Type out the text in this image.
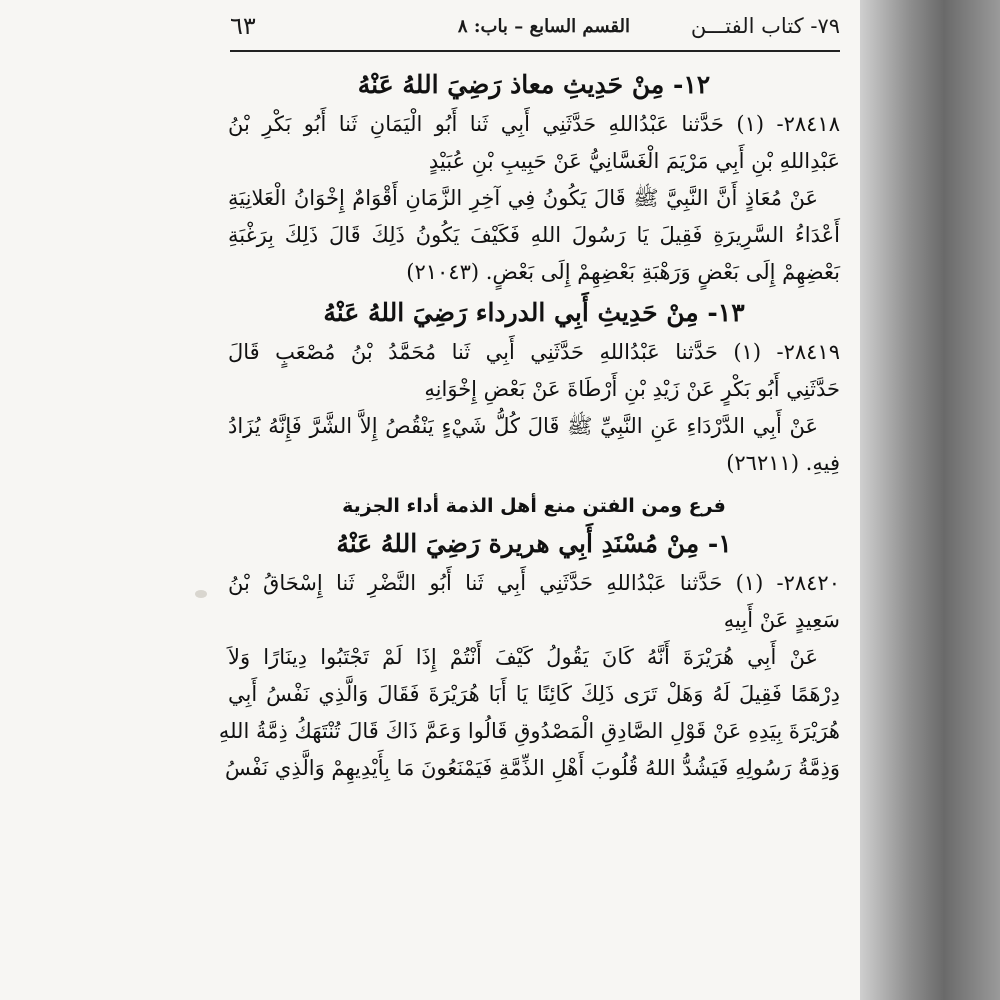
٧٩- كتاب الفتـــن
القسم السابع – باب: ٨
٦٣
١٢- مِنْ حَدِيثِ معاذ رَضِيَ اللهُ عَنْهُ
٢٨٤١٨- (١) حَدَّثنا عَبْدُاللهِ حَدَّثَنِي أَبِي ثَنا أَبُو الْيَمَانِ ثَنا أَبُو بَكْرِ بْنُ
عَبْدِاللهِ بْنِ أَبِي مَرْيَمَ الْغَسَّانِيُّ عَنْ حَبِيبِ بْنِ عُبَيْدٍ
عَنْ مُعَاذٍ أَنَّ النَّبِيَّ ﷺ قَالَ يَكُونُ فِي آخِرِ الزَّمَانِ أَقْوَامٌ إِخْوَانُ الْعَلانِيَةِ
أَعْدَاءُ السَّرِيرَةِ فَقِيلَ يَا رَسُولَ اللهِ فَكَيْفَ يَكُونُ ذَلِكَ قَالَ ذَلِكَ بِرَغْبَةِ
بَعْضِهِمْ إِلَى بَعْضٍ وَرَهْبَةِ بَعْضِهِمْ إِلَى بَعْضٍ. (٢١٠٤٣)
١٣- مِنْ حَدِيثِ أَبِي الدرداء رَضِيَ اللهُ عَنْهُ
٢٨٤١٩- (١) حَدَّثنا عَبْدُاللهِ حَدَّثَنِي أَبِي ثَنا مُحَمَّدُ بْنُ مُصْعَبٍ قَالَ
حَدَّثَنِي أَبُو بَكْرٍ عَنْ زَيْدِ بْنِ أَرْطَاةَ عَنْ بَعْضِ إِخْوَانِهِ
عَنْ أَبِي الدَّرْدَاءِ عَنِ النَّبِيِّ ﷺ قَالَ كُلُّ شَيْءٍ يَنْقُصُ إِلاَّ الشَّرَّ فَإِنَّهُ يُزَادُ
فِيهِ. (٢٦٢١١)
فرع ومن الفتن منع أهل الذمة أداء الجزية
١- مِنْ مُسْنَدِ أَبِي هريرة رَضِيَ اللهُ عَنْهُ
٢٨٤٢٠- (١) حَدَّثنا عَبْدُاللهِ حَدَّثَنِي أَبِي ثَنا أَبُو النَّضْرِ ثَنا إِسْحَاقُ بْنُ
سَعِيدٍ عَنْ أَبِيهِ
عَنْ أَبِي هُرَيْرَةَ أَنَّهُ كَانَ يَقُولُ كَيْفَ أَنْتُمْ إِذَا لَمْ تَجْتَبُوا دِينَارًا وَلاَ
دِرْهَمًا فَقِيلَ لَهُ وَهَلْ تَرَى ذَلِكَ كَائِنًا يَا أَبَا هُرَيْرَةَ فَقَالَ وَالَّذِي نَفْسُ أَبِي
هُرَيْرَةَ بِيَدِهِ عَنْ قَوْلِ الصَّادِقِ الْمَصْدُوقِ قَالُوا وَعَمَّ ذَاكَ قَالَ تُنْتَهَكُ ذِمَّةُ اللهِ
وَذِمَّةُ رَسُولِهِ فَيَشُدُّ اللهُ قُلُوبَ أَهْلِ الذِّمَّةِ فَيَمْنَعُونَ مَا بِأَيْدِيهِمْ وَالَّذِي نَفْسُ
